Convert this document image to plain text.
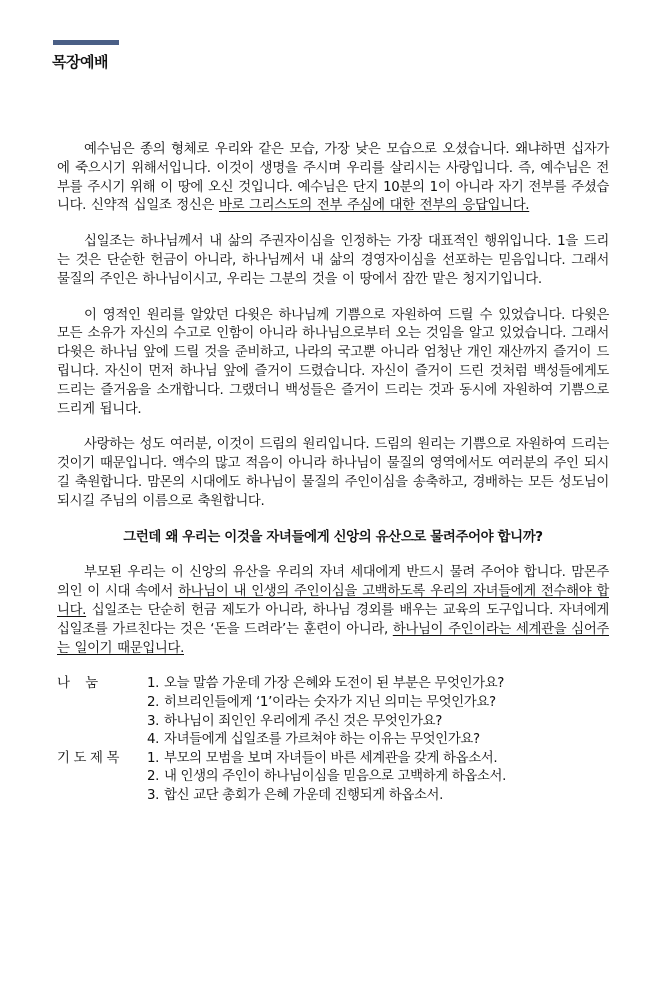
목장예배

예수님은 종의 형체로 우리와 같은 모습, 가장 낮은 모습으로 오셨습니다. 왜냐하면 십자가에 죽으시기 위해서입니다. 이것이 생명을 주시며 우리를 살리시는 사랑입니다. 즉, 예수님은 전부를 주시기 위해 이 땅에 오신 것입니다. 예수님은 단지 10분의 1이 아니라 자기 전부를 주셨습니다. 신약적 십일조 정신은 바로 그리스도의 전부 주심에 대한 전부의 응답입니다.

십일조는 하나님께서 내 삶의 주권자이심을 인정하는 가장 대표적인 행위입니다. 1을 드리는 것은 단순한 헌금이 아니라, 하나님께서 내 삶의 경영자이심을 선포하는 믿음입니다. 그래서 물질의 주인은 하나님이시고, 우리는 그분의 것을 이 땅에서 잠깐 맡은 청지기입니다.

이 영적인 원리를 알았던 다윗은 하나님께 기쁨으로 자원하여 드릴 수 있었습니다. 다윗은 모든 소유가 자신의 수고로 인함이 아니라 하나님으로부터 오는 것임을 알고 있었습니다. 그래서 다윗은 하나님 앞에 드릴 것을 준비하고, 나라의 국고뿐 아니라 엄청난 개인 재산까지 즐거이 드립니다. 자신이 먼저 하나님 앞에 즐거이 드렸습니다. 자신이 즐거이 드린 것처럼 백성들에게도 드리는 즐거움을 소개합니다. 그랬더니 백성들은 즐거이 드리는 것과 동시에 자원하여 기쁨으로 드리게 됩니다.

사랑하는 성도 여러분, 이것이 드림의 원리입니다. 드림의 원리는 기쁨으로 자원하여 드리는 것이기 때문입니다. 액수의 많고 적음이 아니라 하나님이 물질의 영역에서도 여러분의 주인 되시길 축원합니다. 맘몬의 시대에도 하나님이 물질의 주인이심을 송축하고, 경배하는 모든 성도님이 되시길 주님의 이름으로 축원합니다.

그런데 왜 우리는 이것을 자녀들에게 신앙의 유산으로 물려주어야 합니까?

부모된 우리는 이 신앙의 유산을 우리의 자녀 세대에게 반드시 물려 주어야 합니다. 맘몬주의인 이 시대 속에서 하나님이 내 인생의 주인이심을 고백하도록 우리의 자녀들에게 전수해야 합니다. 십일조는 단순히 헌금 제도가 아니라, 하나님 경외를 배우는 교육의 도구입니다. 자녀에게 십일조를 가르친다는 것은 ‘돈을 드려라’는 훈련이 아니라, 하나님이 주인이라는 세계관을 심어주는 일이기 때문입니다.

나    눔	1. 오늘 말씀 가운데 가장 은혜와 도전이 된 부분은 무엇인가요?
2. 히브리인들에게 ‘1’이라는 숫자가 지닌 의미는 무엇인가요?
3. 하나님이 죄인인 우리에게 주신 것은 무엇인가요?
4. 자녀들에게 십일조를 가르쳐야 하는 이유는 무엇인가요?
기 도 제 목	1. 부모의 모범을 보며 자녀들이 바른 세계관을 갖게 하옵소서.
2. 내 인생의 주인이 하나님이심을 믿음으로 고백하게 하옵소서.
3. 합신 교단 총회가 은혜 가운데 진행되게 하옵소서.
